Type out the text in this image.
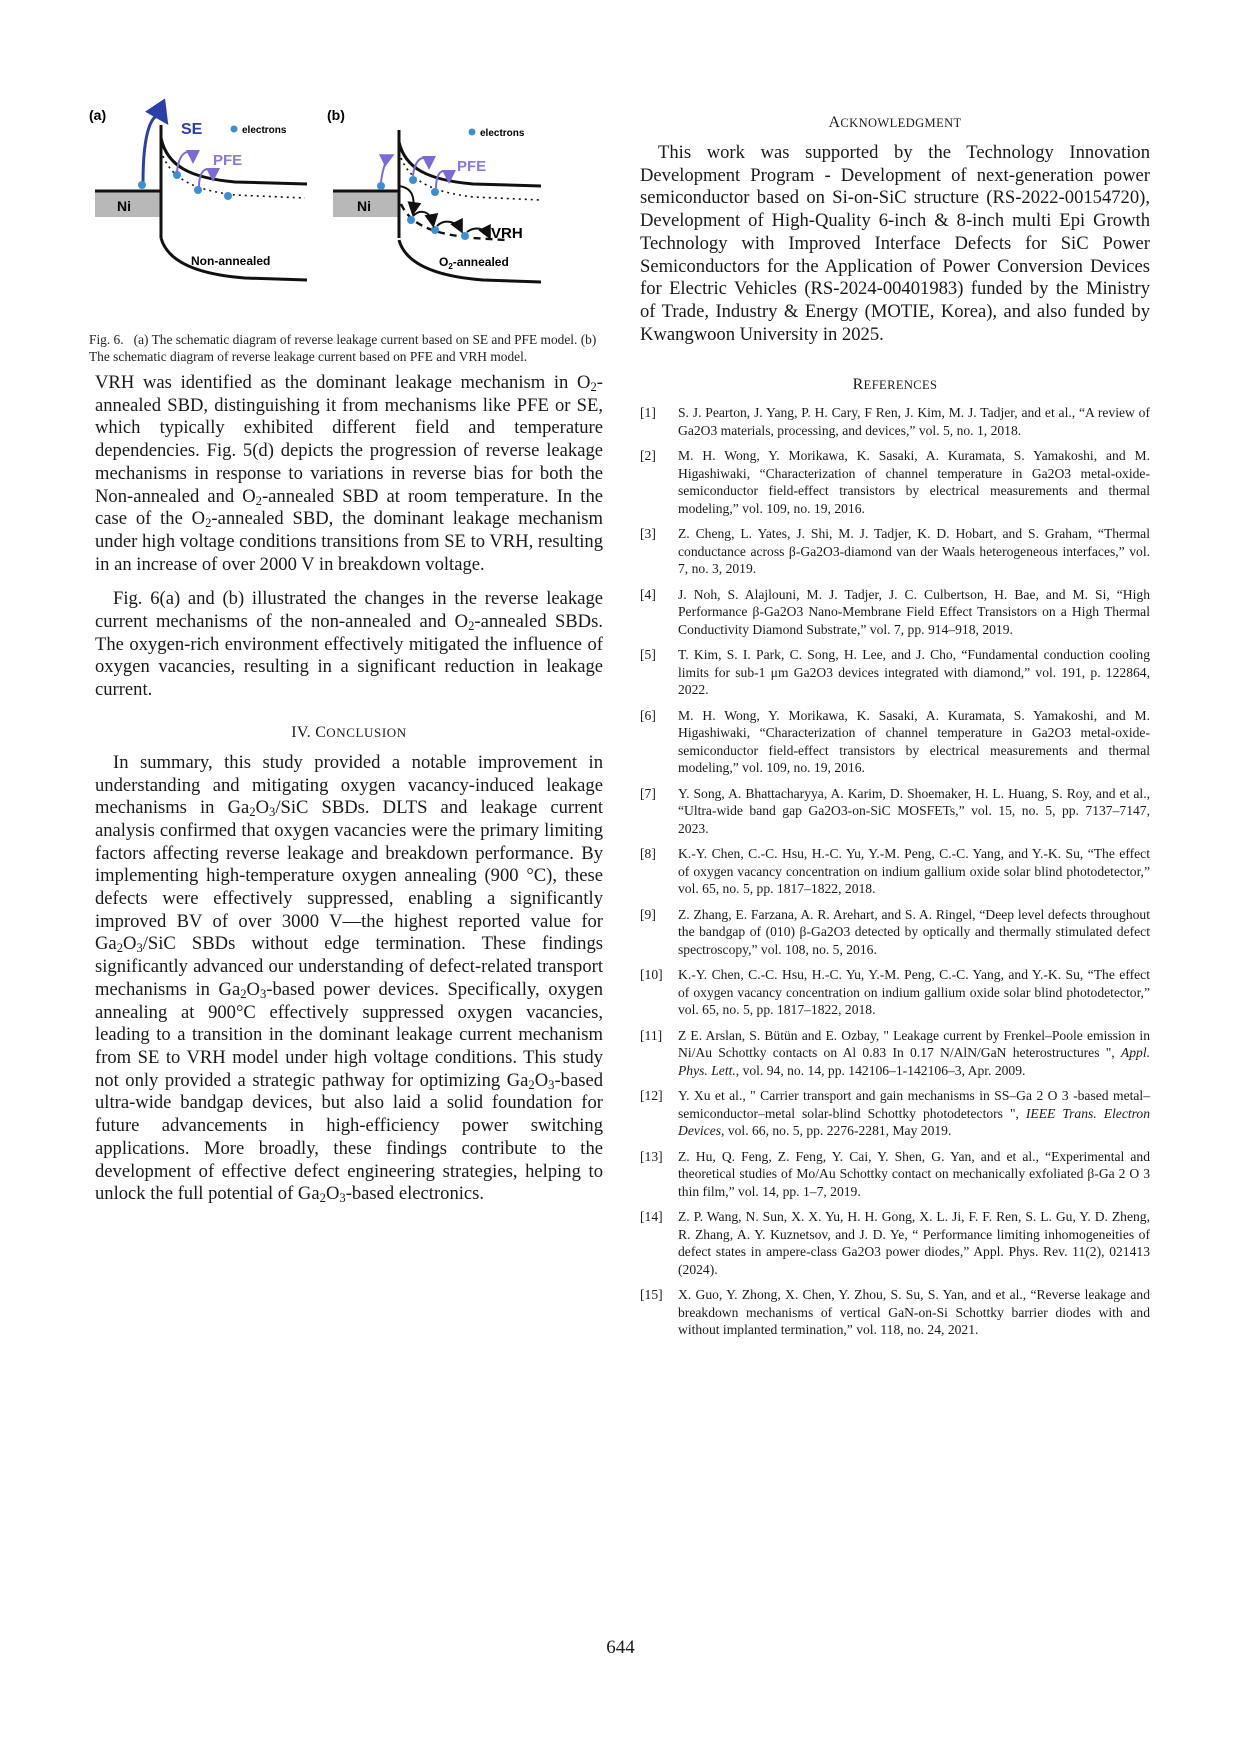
(a)
Ni
SE	electrons
PFE
Non-annealed
(b)
Ni
electrons
PFE
VRH
$O_2$-annealed
Fig. 6.   (a) The schematic diagram of reverse leakage current based on SE and PFE model. (b) The schematic diagram of reverse leakage current based on PFE and VRH model.

VRH was identified as the dominant leakage mechanism in $O_2$-annealed SBD, distinguishing it from mechanisms like PFE or SE, which typically exhibited different field and temperature dependencies. Fig. 5(d) depicts the progression of reverse leakage mechanisms in response to variations in reverse bias for both the Non-annealed and $O_2$-annealed SBD at room temperature. In the case of the $O_2$-annealed SBD, the dominant leakage mechanism under high voltage conditions transitions from SE to VRH, resulting in an increase of over 2000 V in breakdown voltage.

Fig. 6(a) and (b) illustrated the changes in the reverse leakage current mechanisms of the non-annealed and $O_2$-annealed SBDs. The oxygen-rich environment effectively mitigated the influence of oxygen vacancies, resulting in a significant reduction in leakage current.

IV. CONCLUSION

In summary, this study provided a notable improvement in understanding and mitigating oxygen vacancy-induced leakage mechanisms in $Ga_2O_3$/SiC SBDs. DLTS and leakage current analysis confirmed that oxygen vacancies were the primary limiting factors affecting reverse leakage and breakdown performance. By implementing high-temperature oxygen annealing (900 °C), these defects were effectively suppressed, enabling a significantly improved BV of over 3000 V—the highest reported value for $Ga_2O_3$/SiC SBDs without edge termination. These findings significantly advanced our understanding of defect-related transport mechanisms in $Ga_2O_3$-based power devices. Specifically, oxygen annealing at 900°C effectively suppressed oxygen vacancies, leading to a transition in the dominant leakage current mechanism from SE to VRH model under high voltage conditions. This study not only provided a strategic pathway for optimizing $Ga_2O_3$-based ultra-wide bandgap devices, but also laid a solid foundation for future advancements in high-efficiency power switching applications. More broadly, these findings contribute to the development of effective defect engineering strategies, helping to unlock the full potential of $Ga_2O_3$-based electronics.

ACKNOWLEDGMENT

This work was supported by the Technology Innovation Development Program - Development of next-generation power semiconductor based on Si-on-SiC structure (RS-2022-00154720), Development of High-Quality 6-inch & 8-inch multi Epi Growth Technology with Improved Interface Defects for SiC Power Semiconductors for the Application of Power Conversion Devices for Electric Vehicles (RS-2024-00401983) funded by the Ministry of Trade, Industry & Energy (MOTIE, Korea), and also funded by Kwangwoon University in 2025.

REFERENCES
[1] S. J. Pearton, J. Yang, P. H. Cary, F Ren, J. Kim, M. J. Tadjer, and et al., “A review of Ga2O3 materials, processing, and devices,” vol. 5, no. 1, 2018.
[2] M. H. Wong, Y. Morikawa, K. Sasaki, A. Kuramata, S. Yamakoshi, and M. Higashiwaki, “Characterization of channel temperature in Ga2O3 metal-oxide-semiconductor field-effect transistors by electrical measurements and thermal modeling,” vol. 109, no. 19, 2016.
[3] Z. Cheng, L. Yates, J. Shi, M. J. Tadjer, K. D. Hobart, and S. Graham, “Thermal conductance across β-Ga2O3-diamond van der Waals heterogeneous interfaces,” vol. 7, no. 3, 2019.
[4] J. Noh, S. Alajlouni, M. J. Tadjer, J. C. Culbertson, H. Bae, and M. Si, “High Performance β-Ga2O3 Nano-Membrane Field Effect Transistors on a High Thermal Conductivity Diamond Substrate,” vol. 7, pp. 914–918, 2019.
[5] T. Kim, S. I. Park, C. Song, H. Lee, and J. Cho, “Fundamental conduction cooling limits for sub-1 μm Ga2O3 devices integrated with diamond,” vol. 191, p. 122864, 2022.
[6] M. H. Wong, Y. Morikawa, K. Sasaki, A. Kuramata, S. Yamakoshi, and M. Higashiwaki, “Characterization of channel temperature in Ga2O3 metal-oxide-semiconductor field-effect transistors by electrical measurements and thermal modeling,” vol. 109, no. 19, 2016.
[7] Y. Song, A. Bhattacharyya, A. Karim, D. Shoemaker, H. L. Huang, S. Roy, and et al., “Ultra-wide band gap Ga2O3-on-SiC MOSFETs,” vol. 15, no. 5, pp. 7137–7147, 2023.
[8] K.-Y. Chen, C.-C. Hsu, H.-C. Yu, Y.-M. Peng, C.-C. Yang, and Y.-K. Su, “The effect of oxygen vacancy concentration on indium gallium oxide solar blind photodetector,” vol. 65, no. 5, pp. 1817–1822, 2018.
[9] Z. Zhang, E. Farzana, A. R. Arehart, and S. A. Ringel, “Deep level defects throughout the bandgap of (010) β-Ga2O3 detected by optically and thermally stimulated defect spectroscopy,” vol. 108, no. 5, 2016.
[10] K.-Y. Chen, C.-C. Hsu, H.-C. Yu, Y.-M. Peng, C.-C. Yang, and Y.-K. Su, “The effect of oxygen vacancy concentration on indium gallium oxide solar blind photodetector,” vol. 65, no. 5, pp. 1817–1822, 2018.
[11] Z E. Arslan, S. Bütün and E. Ozbay, " Leakage current by Frenkel–Poole emission in Ni/Au Schottky contacts on Al 0.83 In 0.17 N/AlN/GaN heterostructures ", Appl. Phys. Lett., vol. 94, no. 14, pp. 142106–1-142106–3, Apr. 2009.
[12] Y. Xu et al., " Carrier transport and gain mechanisms in SS–Ga 2 O 3 -based metal–semiconductor–metal solar-blind Schottky photodetectors ", IEEE Trans. Electron Devices, vol. 66, no. 5, pp. 2276-2281, May 2019.
[13] Z. Hu, Q. Feng, Z. Feng, Y. Cai, Y. Shen, G. Yan, and et al., “Experimental and theoretical studies of Mo/Au Schottky contact on mechanically exfoliated β-Ga 2 O 3 thin film,” vol. 14, pp. 1–7, 2019.
[14] Z. P. Wang, N. Sun, X. X. Yu, H. H. Gong, X. L. Ji, F. F. Ren, S. L. Gu, Y. D. Zheng, R. Zhang, A. Y. Kuznetsov, and J. D. Ye, “ Performance limiting inhomogeneities of defect states in ampere-class Ga2O3 power diodes,” Appl. Phys. Rev. 11(2), 021413 (2024).
[15] X. Guo, Y. Zhong, X. Chen, Y. Zhou, S. Su, S. Yan, and et al., “Reverse leakage and breakdown mechanisms of vertical GaN-on-Si Schottky barrier diodes with and without implanted termination,” vol. 118, no. 24, 2021.
644
